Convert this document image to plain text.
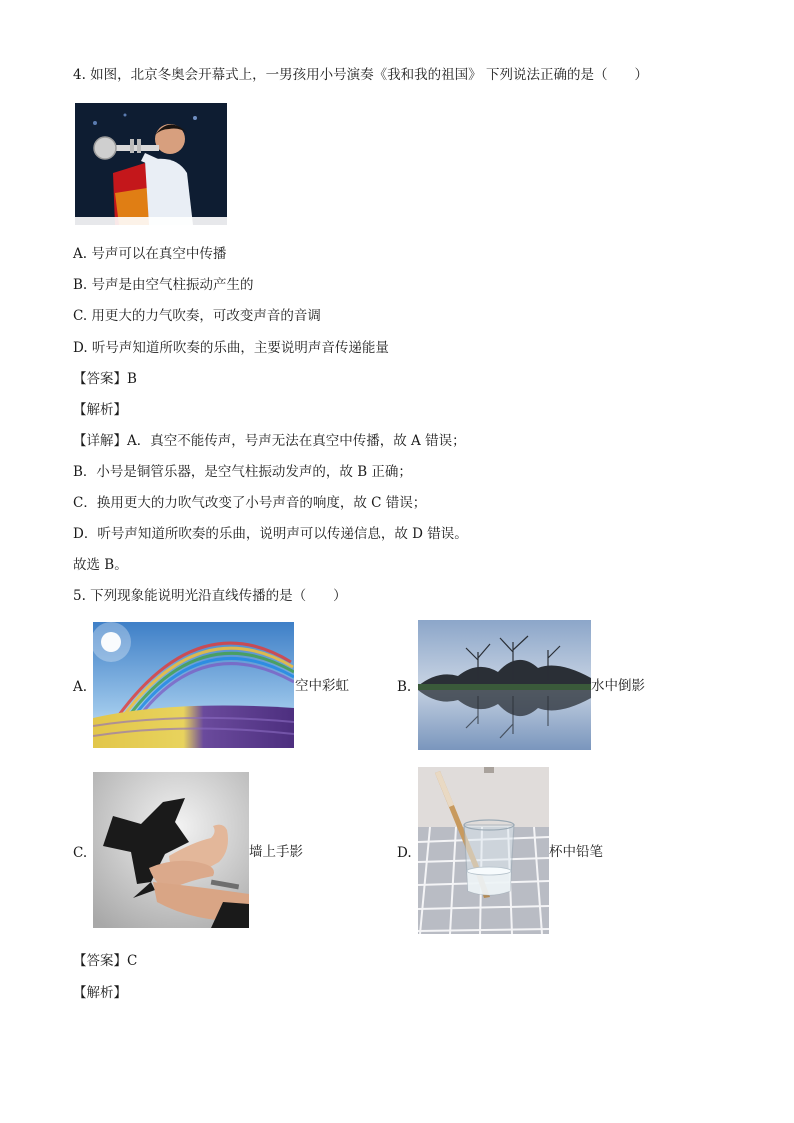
4. 如图，北京冬奥会开幕式上，一男孩用小号演奏《我和我的祖国》 下列说法正确的是（　　）
A. 号声可以在真空中传播
B. 号声是由空气柱振动产生的
C. 用更大的力气吹奏，可改变声音的音调
D. 听号声知道所吹奏的乐曲，主要说明声音传递能量
【答案】B
【解析】
【详解】A．真空不能传声，号声无法在真空中传播，故 A 错误；
B．小号是铜管乐器，是空气柱振动发声的，故 B 正确；
C．换用更大的力吹气改变了小号声音的响度，故 C 错误；
D．听号声知道所吹奏的乐曲，说明声可以传递信息，故 D 错误。
故选 B。
5. 下列现象能说明光沿直线传播的是（　　）
A.	空中彩虹	B.	水中倒影
C.	墙上手影	D.	杯中铅笔
【答案】C
【解析】
